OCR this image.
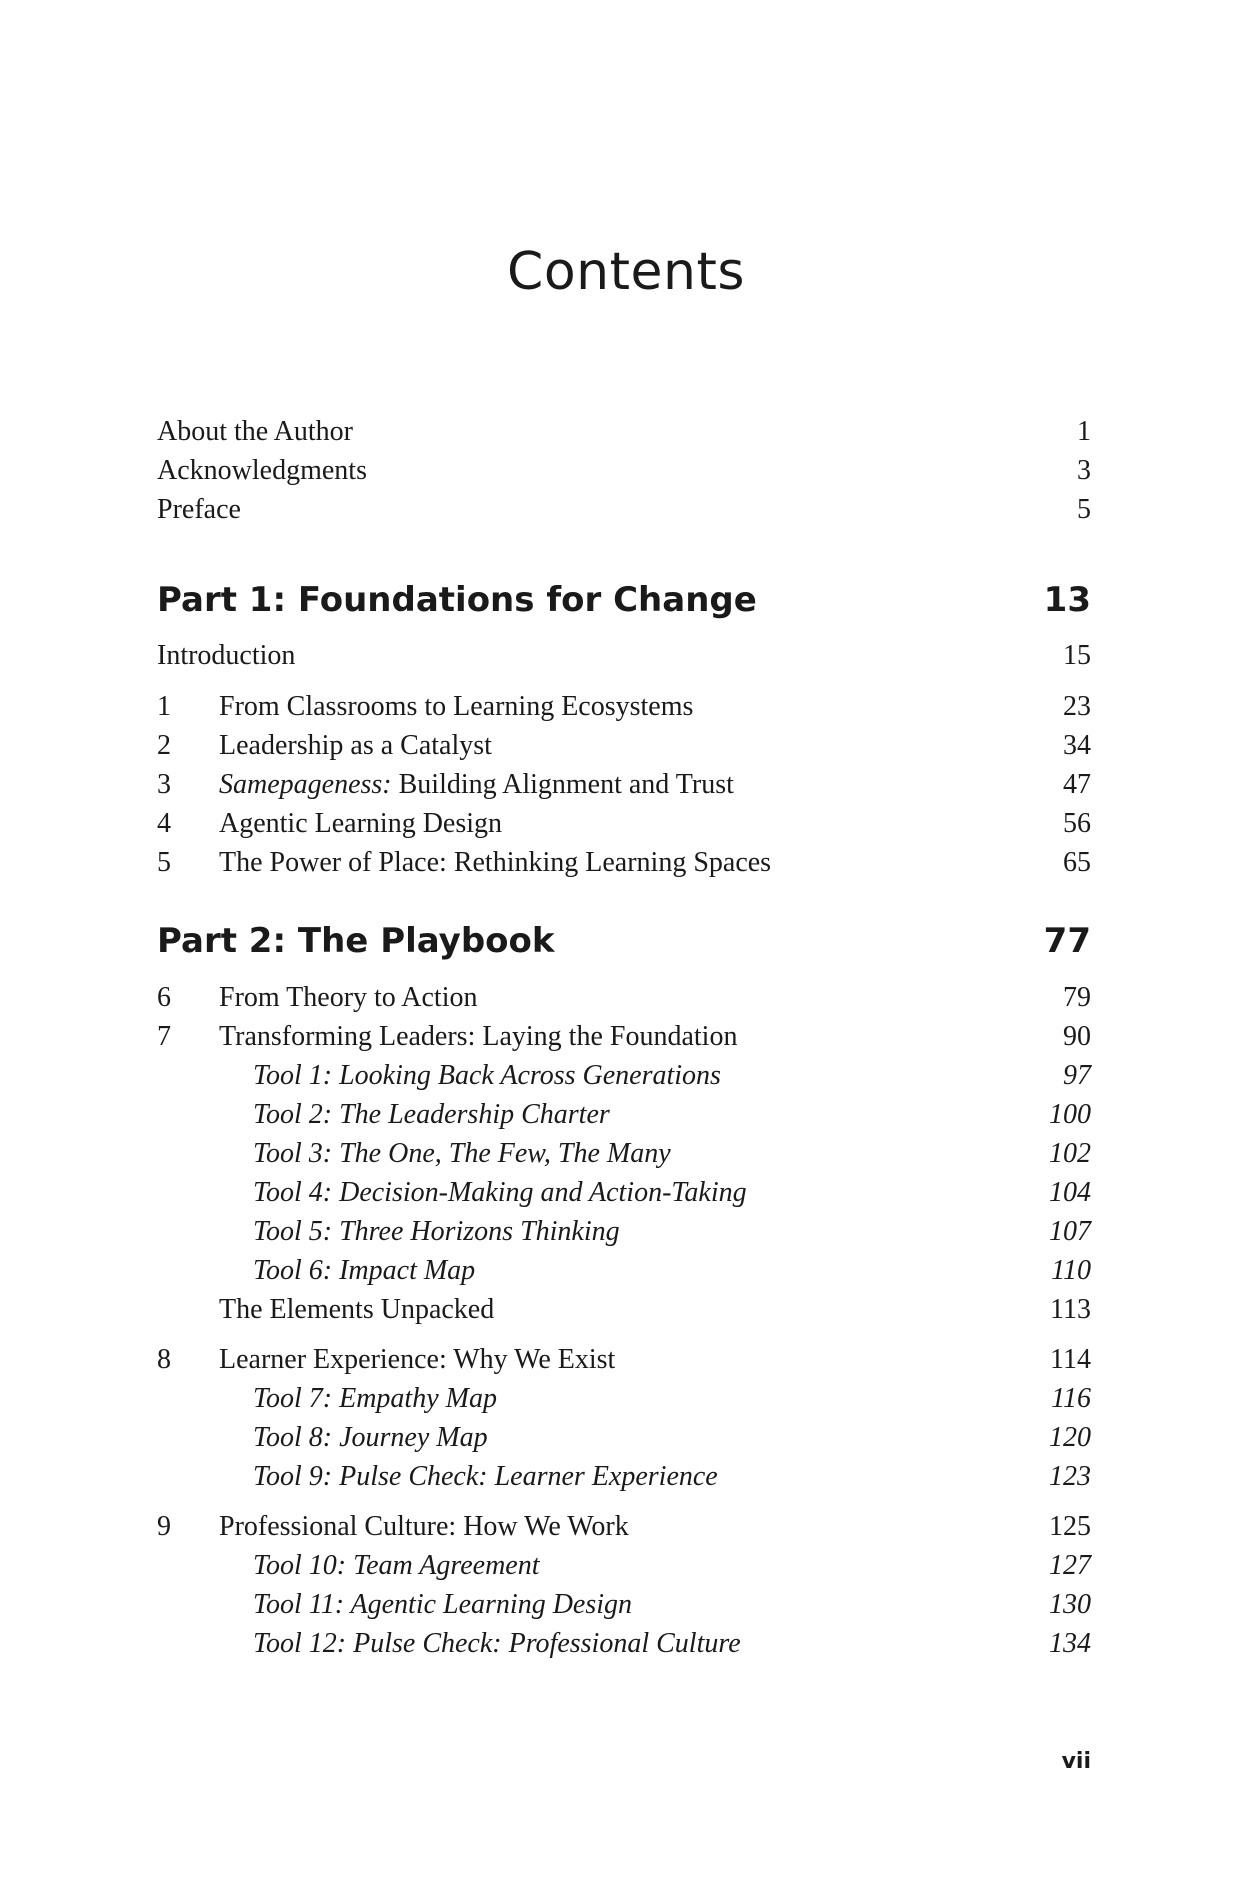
Contents
About the Author	1
Acknowledgments	3
Preface	5
Part 1: Foundations for Change	13
Introduction	15
1 From Classrooms to Learning Ecosystems	23
2 Leadership as a Catalyst	34
3 Samepageness: Building Alignment and Trust	47
4 Agentic Learning Design	56
5 The Power of Place: Rethinking Learning Spaces	65
Part 2: The Playbook	77
6 From Theory to Action	79
7 Transforming Leaders: Laying the Foundation	90
Tool 1: Looking Back Across Generations	97
Tool 2: The Leadership Charter	100
Tool 3: The One, The Few, The Many	102
Tool 4: Decision-Making and Action-Taking	104
Tool 5: Three Horizons Thinking	107
Tool 6: Impact Map	110
The Elements Unpacked	113
8 Learner Experience: Why We Exist	114
Tool 7: Empathy Map	116
Tool 8: Journey Map	120
Tool 9: Pulse Check: Learner Experience	123
9 Professional Culture: How We Work	125
Tool 10: Team Agreement	127
Tool 11: Agentic Learning Design	130
Tool 12: Pulse Check: Professional Culture	134
vii
